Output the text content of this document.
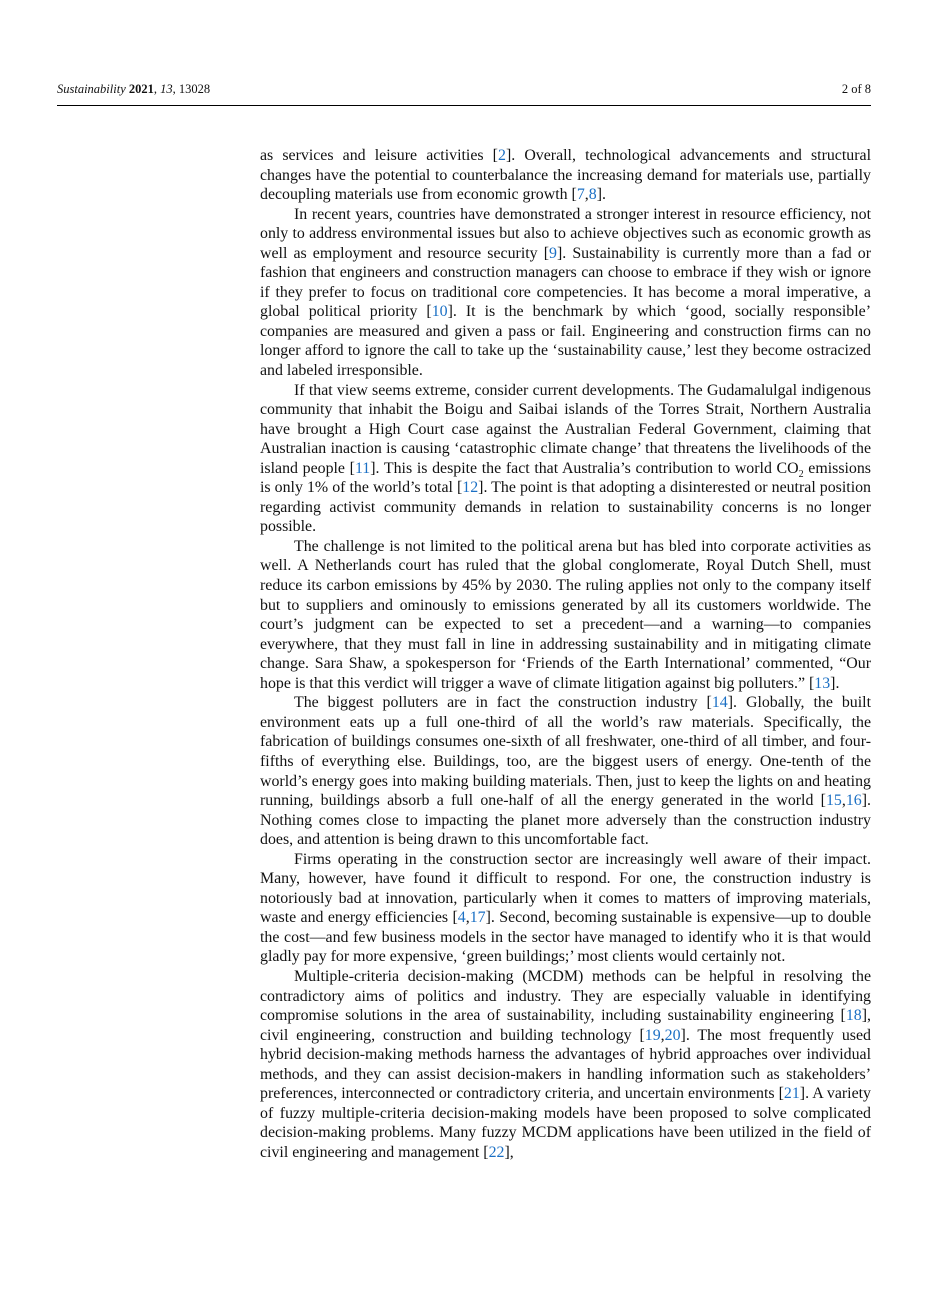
Sustainability 2021, 13, 13028	2 of 8

as services and leisure activities [2]. Overall, technological advancements and structural changes have the potential to counterbalance the increasing demand for materials use, partially decoupling materials use from economic growth [7,8].

In recent years, countries have demonstrated a stronger interest in resource efficiency, not only to address environmental issues but also to achieve objectives such as economic growth as well as employment and resource security [9]. Sustainability is currently more than a fad or fashion that engineers and construction managers can choose to embrace if they wish or ignore if they prefer to focus on traditional core competencies. It has become a moral imperative, a global political priority [10]. It is the benchmark by which ‘good, socially responsible’ companies are measured and given a pass or fail. Engineering and construction firms can no longer afford to ignore the call to take up the ‘sustainability cause,’ lest they become ostracized and labeled irresponsible.

If that view seems extreme, consider current developments. The Gudamalulgal indigenous community that inhabit the Boigu and Saibai islands of the Torres Strait, Northern Australia have brought a High Court case against the Australian Federal Government, claiming that Australian inaction is causing ‘catastrophic climate change’ that threatens the livelihoods of the island people [11]. This is despite the fact that Australia’s contribution to world $CO_2$ emissions is only 1% of the world’s total [12]. The point is that adopting a disinterested or neutral position regarding activist community demands in relation to sustainability concerns is no longer possible.

The challenge is not limited to the political arena but has bled into corporate activities as well. A Netherlands court has ruled that the global conglomerate, Royal Dutch Shell, must reduce its carbon emissions by 45% by 2030. The ruling applies not only to the company itself but to suppliers and ominously to emissions generated by all its customers worldwide. The court’s judgment can be expected to set a precedent—and a warning—to companies everywhere, that they must fall in line in addressing sustainability and in mitigating climate change. Sara Shaw, a spokesperson for ‘Friends of the Earth International’ commented, “Our hope is that this verdict will trigger a wave of climate litigation against big polluters.” [13].

The biggest polluters are in fact the construction industry [14]. Globally, the built environment eats up a full one-third of all the world’s raw materials. Specifically, the fabrication of buildings consumes one-sixth of all freshwater, one-third of all timber, and four-fifths of everything else. Buildings, too, are the biggest users of energy. One-tenth of the world’s energy goes into making building materials. Then, just to keep the lights on and heating running, buildings absorb a full one-half of all the energy generated in the world [15,16]. Nothing comes close to impacting the planet more adversely than the construction industry does, and attention is being drawn to this uncomfortable fact.

Firms operating in the construction sector are increasingly well aware of their impact. Many, however, have found it difficult to respond. For one, the construction industry is notoriously bad at innovation, particularly when it comes to matters of improving materials, waste and energy efficiencies [4,17]. Second, becoming sustainable is expensive—up to double the cost—and few business models in the sector have managed to identify who it is that would gladly pay for more expensive, ‘green buildings;’ most clients would certainly not.

Multiple-criteria decision-making (MCDM) methods can be helpful in resolving the contradictory aims of politics and industry. They are especially valuable in identifying compromise solutions in the area of sustainability, including sustainability engineering [18], civil engineering, construction and building technology [19,20]. The most frequently used hybrid decision-making methods harness the advantages of hybrid approaches over individual methods, and they can assist decision-makers in handling information such as stakeholders’ preferences, interconnected or contradictory criteria, and uncertain environments [21]. A variety of fuzzy multiple-criteria decision-making models have been proposed to solve complicated decision-making problems. Many fuzzy MCDM applications have been utilized in the field of civil engineering and management [22],
